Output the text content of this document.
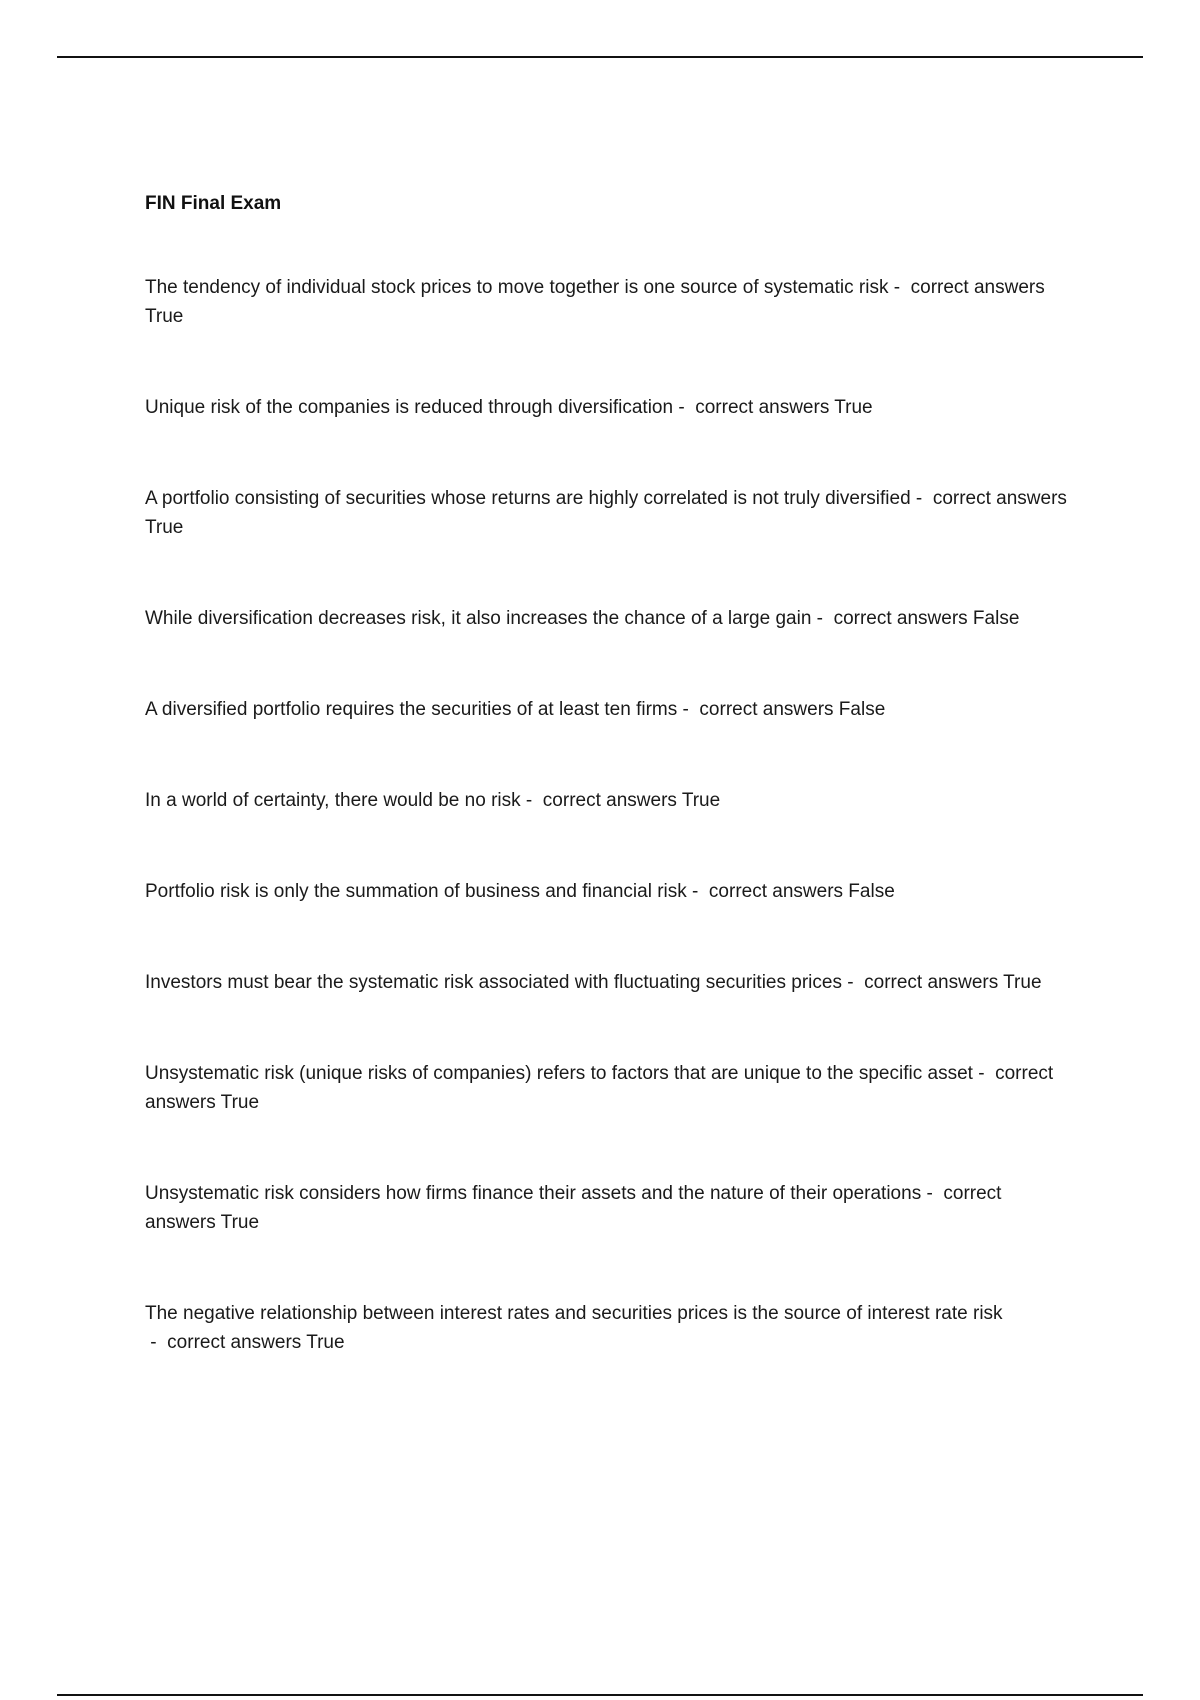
FIN Final Exam
The tendency of individual stock prices to move together is one source of systematic risk -  correct answers True
Unique risk of the companies is reduced through diversification -  correct answers True
A portfolio consisting of securities whose returns are highly correlated is not truly diversified -  correct answers True
While diversification decreases risk, it also increases the chance of a large gain -  correct answers False
A diversified portfolio requires the securities of at least ten firms -  correct answers False
In a world of certainty, there would be no risk -  correct answers True
Portfolio risk is only the summation of business and financial risk -  correct answers False
Investors must bear the systematic risk associated with fluctuating securities prices -  correct answers True
Unsystematic risk (unique risks of companies) refers to factors that are unique to the specific asset -  correct answers True
Unsystematic risk considers how firms finance their assets and the nature of their operations -  correct answers True
The negative relationship between interest rates and securities prices is the source of interest rate risk -  correct answers True
